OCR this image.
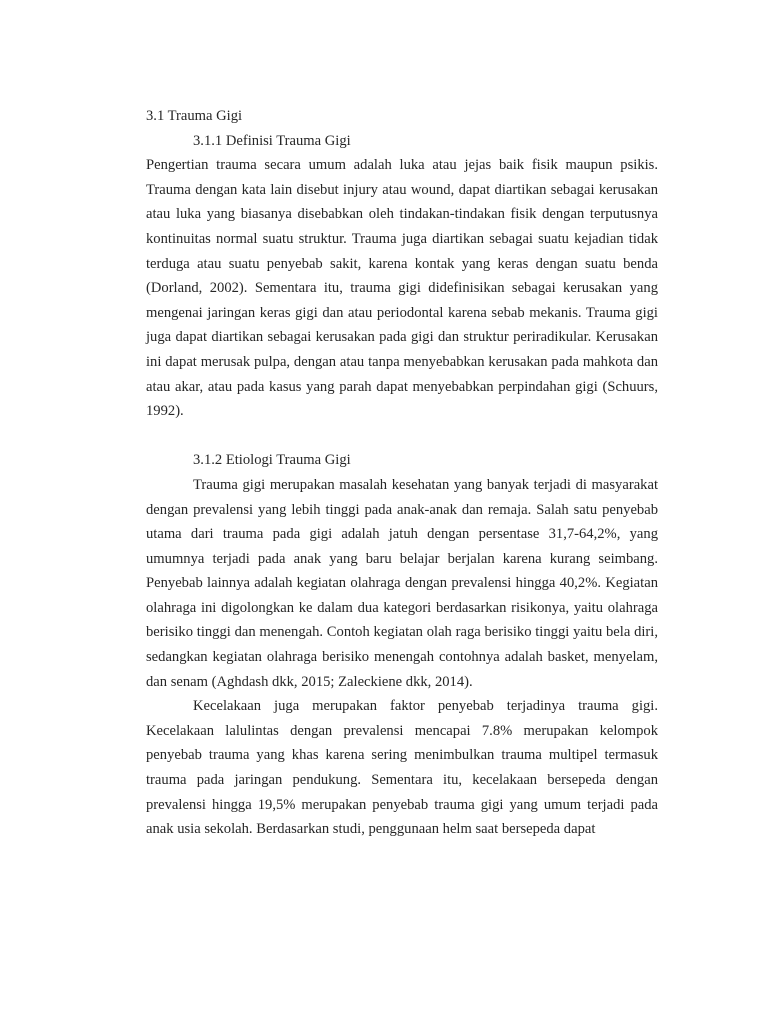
3.1 Trauma Gigi
3.1.1 Definisi Trauma Gigi

Pengertian trauma secara umum adalah luka atau jejas baik fisik maupun psikis. Trauma dengan kata lain disebut injury atau wound, dapat diartikan sebagai kerusakan atau luka yang biasanya disebabkan oleh tindakan-tindakan fisik dengan terputusnya kontinuitas normal suatu struktur. Trauma juga diartikan sebagai suatu kejadian tidak terduga atau suatu penyebab sakit, karena kontak yang keras dengan suatu benda (Dorland, 2002). Sementara itu, trauma gigi didefinisikan sebagai kerusakan yang mengenai jaringan keras gigi dan atau periodontal karena sebab mekanis. Trauma gigi juga dapat diartikan sebagai kerusakan pada gigi dan struktur periradikular. Kerusakan ini dapat merusak pulpa, dengan atau tanpa menyebabkan kerusakan pada mahkota dan atau akar, atau pada kasus yang parah dapat menyebabkan perpindahan gigi (Schuurs, 1992).

3.1.2 Etiologi Trauma Gigi

Trauma gigi merupakan masalah kesehatan yang banyak terjadi di masyarakat dengan prevalensi yang lebih tinggi pada anak-anak dan remaja. Salah satu penyebab utama dari trauma pada gigi adalah jatuh dengan persentase 31,7-64,2%, yang umumnya terjadi pada anak yang baru belajar berjalan karena kurang seimbang. Penyebab lainnya adalah kegiatan olahraga dengan prevalensi hingga 40,2%. Kegiatan olahraga ini digolongkan ke dalam dua kategori berdasarkan risikonya, yaitu olahraga berisiko tinggi dan menengah. Contoh kegiatan olah raga berisiko tinggi yaitu bela diri, sedangkan kegiatan olahraga berisiko menengah contohnya adalah basket, menyelam, dan senam (Aghdash dkk, 2015; Zaleckiene dkk, 2014).

Kecelakaan juga merupakan faktor penyebab terjadinya trauma gigi. Kecelakaan lalulintas dengan prevalensi mencapai 7.8% merupakan kelompok penyebab trauma yang khas karena sering menimbulkan trauma multipel termasuk trauma pada jaringan pendukung. Sementara itu, kecelakaan bersepeda dengan prevalensi hingga 19,5% merupakan penyebab trauma gigi yang umum terjadi pada anak usia sekolah. Berdasarkan studi, penggunaan helm saat bersepeda dapat
